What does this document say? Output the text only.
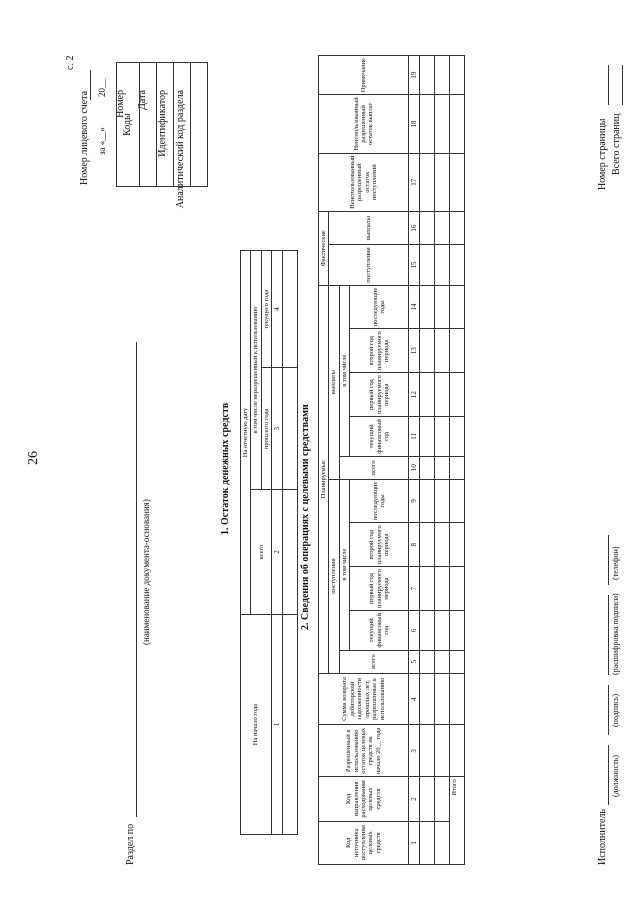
26
с. 2
Номер лицевого счета за «__»
20__
Номер Дата Идентификатор Аналитический код раздела
Коды

Раздел по
(наименование документа-основания)
1. Остаток денежных средств
На начало года	На отчетную дату		
	всего	в том числе неразрешенный к использованию	
		прошлого года	текущего года
1	2	3	4

2. Сведения об операциях с целевыми средствами
Код источника поступления целевых средств	Код направления расходования целевых средств	Разрешенный к использованию остаток целевых средств на начало 20__ года	Сумма возврата дебиторской задолженности прошлых лет, разрешенные к использованию	Планируемые										Фактические		Неиспользованный разрешенный остаток поступлений	Неиспользованный разрешенный остаток выплат	Примечание
				поступления					выплаты					поступления	выплаты			
				всего	в том числе				всего	в том числе								
					текущий финансовый год	первый год планируемого периода	второй год планируемого периода	последующие годы		текущий финансовый год	первый год планируемого периода	второй год планируемого периода	последующие годы					
1	2	3	4	5	6	7	8	9	10	11	12	13	14	15	16	17	18	19

Итого																		
Исполнитель
(должность)
(подпись)
(расшифровка подписи)
(телефон)
Номер страницы Всего страниц
